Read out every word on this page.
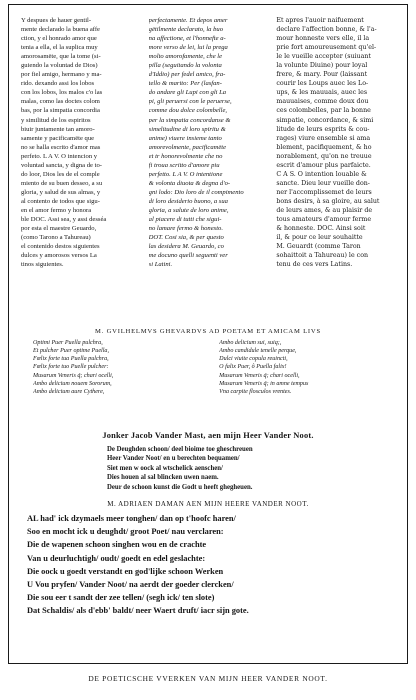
Y despues de hauer gentil-
mente declarado la buena affe
ction, y el honrado amor que
tenia a ella, el la suplica muy
amorosamēte, que la tome (si-
guiendo la voluntad de Dios)
por fiel amigo, hermano y ma-
rido. dexando assi los lobos
con los lobos, los malos c'o las
malas, como las doctes colom
bas, por la simpatia concordia
y similitud de los espiritos
biuir juntamente tan amoro-
samente y pacificamēte que
no se halla escrito d'amor mas
perfeto. L A V. O intencion y
voluntad sancta, y digna de to-
do loor, Dios les de el comple
miento de su buen desseo, a su
gloria, y salud de sus almas, y
al contento de todos que sigu-
en el amor fermo y honora
ble DOC. Assi sea, y assi desséa
por esta el maestre Geuardo,
(como Tarono a Tahureau)
el contenido destos siguientes
dulces y amorosos versos La
tinos siguientes.
perfectamente. Et depos amer
gētilmente declarato, la buo
na affectione, et l'honnefte a-
more verso de lei, lui la prega
molto amorofamente, che le
pilla (seguitando la volonta
d'Iddio) per fedel amico, fra-
tello & marito: Per (lasfan-
do andare gli Lupi con gli La
pi, gli peruersi con le peruerse,
comme dou dolce colombelle,
per la simpatia concordanse &
simelitudine di loro spiritu &
anime) viuere insieme tanto
amorevolmente, pacificamēte
et tr honorevolmente che no
fi troua scritto d'amore piu
perfetto. L A V. O intentione
& volonta diuota & degna d'o-
gni lodo: Dio loro de il compimento
di loro desiderio buono, a sua
gloria, a salute de loro anime,
al piacere di tutti che sigui-
no lamare fermo & honesto.
DOT. Cosi sia, & per questo
las desidera M. Geuardo, co
me docuno quelli seguenti ver
si Latini.
Et apres l'auoir naifuement
declare l'affection bonne, & l'a-
mour honneste vers elle, il la
prie fort amoureusement qu'el-
le le vueille accepter (suiuant
la volunte Diuine) pour loyal
frere, & mary. Pour (laissant
courir les Loups auec les Lo-
ups, & les mauuais, auec les
mauuaises, comme doux dou
ces colombelles, par la bonne
simpatie, concordance, & simi
litude de leurs esprits & cou-
rages) viure ensemble si ama
blement, pacifiquement, & ho
norablement, qu'on ne treuue
escrit d'amour plus parfaicte.
C A S. O intention louable &
sancte. Dieu leur vueille don-
ner l'accomplissemet de leurs
bons desirs, à sa gloire, au salut
de leurs ames, & au plaisir de
tous amateurs d'amour ferme
& honneste. DOC. Ainsi soit
il, & pour ce leur souhaitte
M. Geuardt (comme Taron
sohaittoit a Tahureau) le con
tenu de ces vers Latins.
M. GVILHELMVS GHEVARDVS AD POETAM ET AMICAM LIVS
Optimi Puer Puella pulchra,
Et pulcher Puer optime Puella,
Fœlix forte tua Puella pulchra,
Fœlix forte tuo Puelle pulcher:
Musarum Veneris q́; chari ocelli,
Ambo delicium nouem Sororum,
Ambo delicium aure Cythere,
Ambo delicium sui, suiq;,
Ambo candidule tenelle perque,
Dulci viuite copula reuincti,
O falix Puer, ô Puella falix!
Musarum Veneris q́; chari ocelli,
Musarum Veneris q́; in amne tempus
Vna carpite flosculos vrentes.
Jonker Jacob Vander Mast, aen mijn Heer Vander Noot.
De Deughden schoon/ deel bioime toe gheschreuen
Heer Vander Noot/ en u berechten bequamen/
Siet men w oock al wtschelick aenschen/
Dies houen al sal blincken uwen naem.
Deur de schoon kunst die Godt u heeft ghegheuen.
M. ADRIAEN DAMAN AEN MIJN HEERE VANDER NOOT.
AL had' ick dzymaels meer tonghen/ dan op t'hoofc haren/
Soo en mocht ick u deughdt/ groot Poet/ nau verclaren:
Die de wapenen schoon singhen wou en de crachte
Van u deurluchtigh/ oudt/ goedt en edel geslachte:
Die oock u goedt verstandt en god'lijke schoon Werken
U Vou pryfen/ Vander Noot/ na aerdt der goeder clercken/
Die sou eer t sandt der zee tellen/ (segh ick/ ten slote)
Dat Schaldis/ als d'ebb' baldt/ neer Waert druft/ iacr sijn gote.
DE POETICSCHE VVERKEN VAN MIJN HEER VANDER NOOT.
